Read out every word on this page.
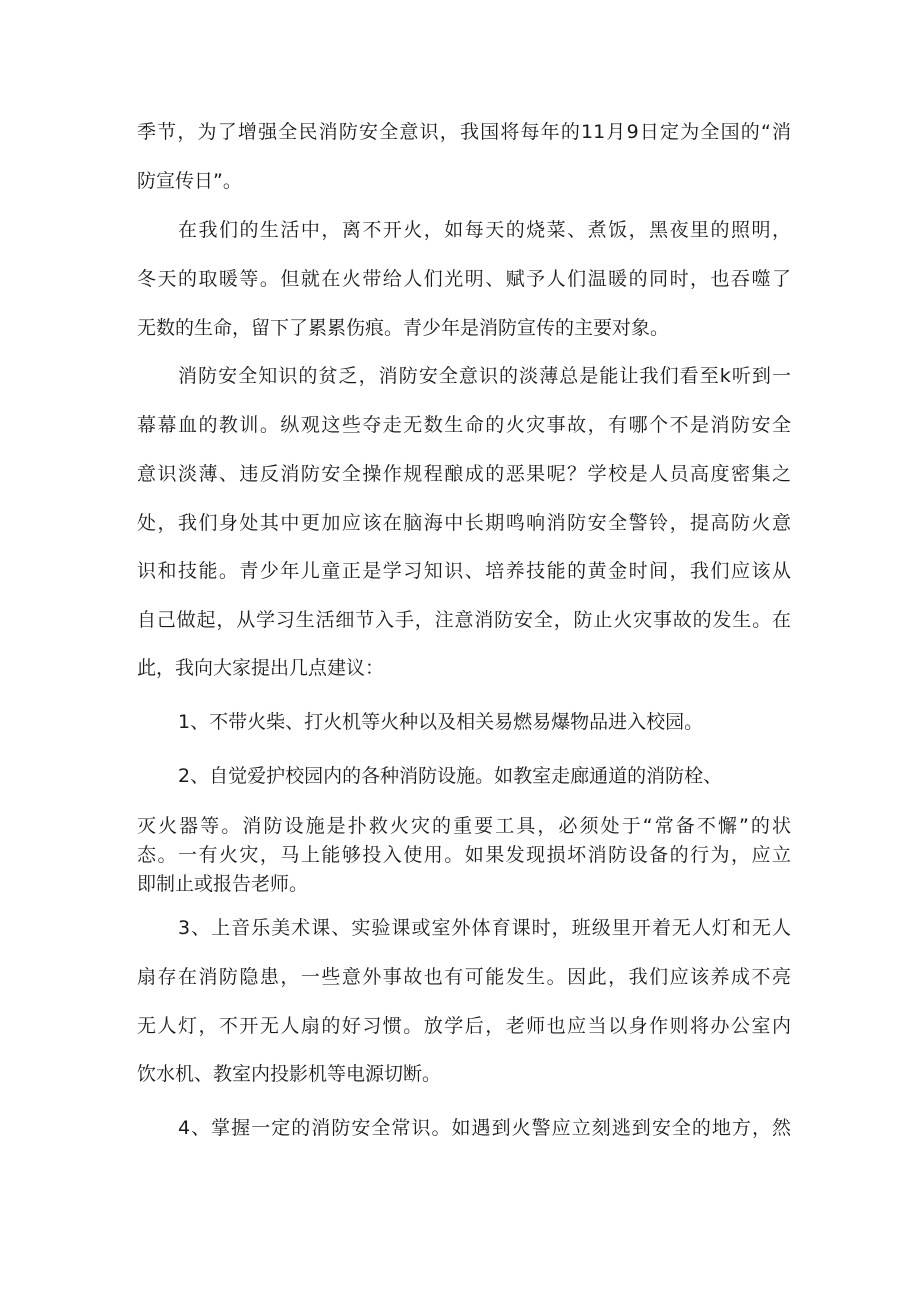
季节，为了增强全民消防安全意识，我国将每年的11月9日定为全国的“消

防宣传日”。

在我们的生活中，离不开火，如每天的烧菜、煮饭，黑夜里的照明，

冬天的取暖等。但就在火带给人们光明、赋予人们温暖的同时，也吞噬了

无数的生命，留下了累累伤痕。青少年是消防宣传的主要对象。

消防安全知识的贫乏，消防安全意识的淡薄总是能让我们看至k听到一

幕幕血的教训。纵观这些夺走无数生命的火灾事故，有哪个不是消防安全

意识淡薄、违反消防安全操作规程酿成的恶果呢？学校是人员高度密集之

处，我们身处其中更加应该在脑海中长期鸣响消防安全警铃，提高防火意

识和技能。青少年儿童正是学习知识、培养技能的黄金时间，我们应该从

自己做起，从学习生活细节入手，注意消防安全，防止火灾事故的发生。在

此，我向大家提出几点建议：

1、不带火柴、打火机等火种以及相关易燃易爆物品进入校园。

2、自觉爱护校园内的各种消防设施。如教室走廊通道的消防栓、

灭火器等。消防设施是扑救火灾的重要工具，必须处于“常备不懈”的状

态。一有火灾，马上能够投入使用。如果发现损坏消防设备的行为，应立

即制止或报告老师。

3、上音乐美术课、实验课或室外体育课时，班级里开着无人灯和无人

扇存在消防隐患，一些意外事故也有可能发生。因此，我们应该养成不亮

无人灯，不开无人扇的好习惯。放学后，老师也应当以身作则将办公室内

饮水机、教室内投影机等电源切断。

4、掌握一定的消防安全常识。如遇到火警应立刻逃到安全的地方，然
